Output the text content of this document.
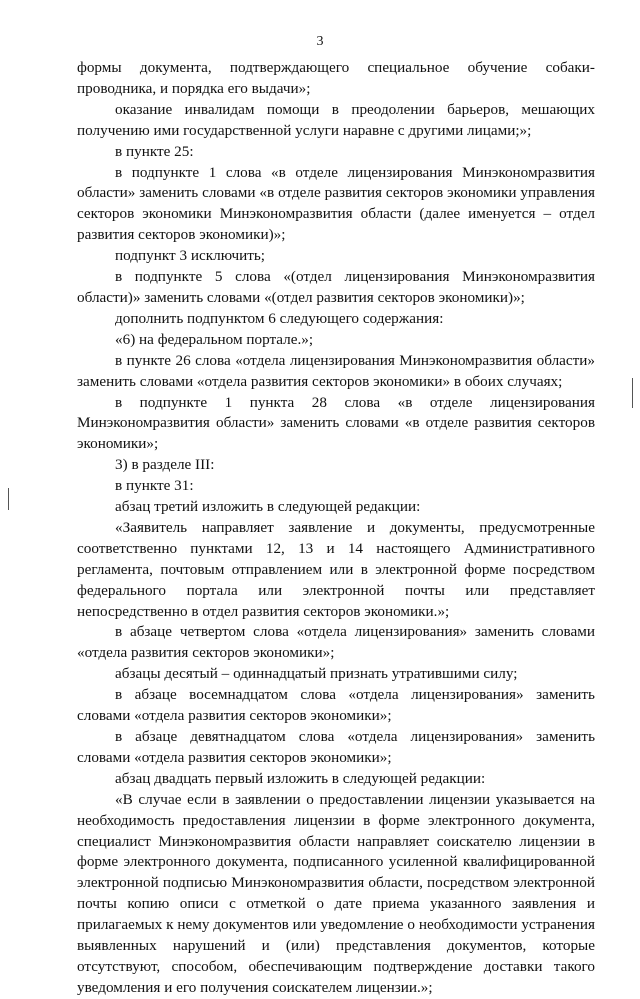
3

формы документа, подтверждающего специальное обучение собаки-проводника, и порядка его выдачи»;

оказание инвалидам помощи в преодолении барьеров, мешающих получению ими государственной услуги наравне с другими лицами;»;

в пункте 25:

в подпункте 1 слова «в отделе лицензирования Минэкономразвития области» заменить словами «в отделе развития секторов экономики управления секторов экономики Минэкономразвития области (далее именуется – отдел развития секторов экономики)»;

подпункт 3 исключить;

в подпункте 5 слова «(отдел лицензирования Минэкономразвития области)» заменить словами «(отдел развития секторов экономики)»;

дополнить подпунктом 6 следующего содержания:

«6) на федеральном портале.»;

в пункте 26 слова «отдела лицензирования Минэкономразвития области» заменить словами «отдела развития секторов экономики» в обоих случаях;

в подпункте 1 пункта 28 слова «в отделе лицензирования Минэкономразвития области» заменить словами «в отделе развития секторов экономики»;

3) в разделе III:

в пункте 31:

абзац третий изложить в следующей редакции:

«Заявитель направляет заявление и документы, предусмотренные соответственно пунктами 12, 13 и 14 настоящего Административного регламента, почтовым отправлением или в электронной форме посредством федерального портала или электронной почты или представляет непосредственно в отдел развития секторов экономики.»;

в абзаце четвертом слова «отдела лицензирования» заменить словами «отдела развития секторов экономики»;

абзацы десятый – одиннадцатый признать утратившими силу;

в абзаце восемнадцатом слова «отдела лицензирования» заменить словами «отдела развития секторов экономики»;

в абзаце девятнадцатом слова «отдела лицензирования» заменить словами «отдела развития секторов экономики»;

абзац двадцать первый изложить в следующей редакции:

«В случае если в заявлении о предоставлении лицензии указывается на необходимость предоставления лицензии в форме электронного документа, специалист Минэкономразвития области направляет соискателю лицензии в форме электронного документа, подписанного усиленной квалифицированной электронной подписью Минэкономразвития области, посредством электронной почты копию описи с отметкой о дате приема указанного заявления и прилагаемых к нему документов или уведомление о необходимости устранения выявленных нарушений и (или) представления документов, которые отсутствуют, способом, обеспечивающим подтверждение доставки такого уведомления и его получения соискателем лицензии.»;
